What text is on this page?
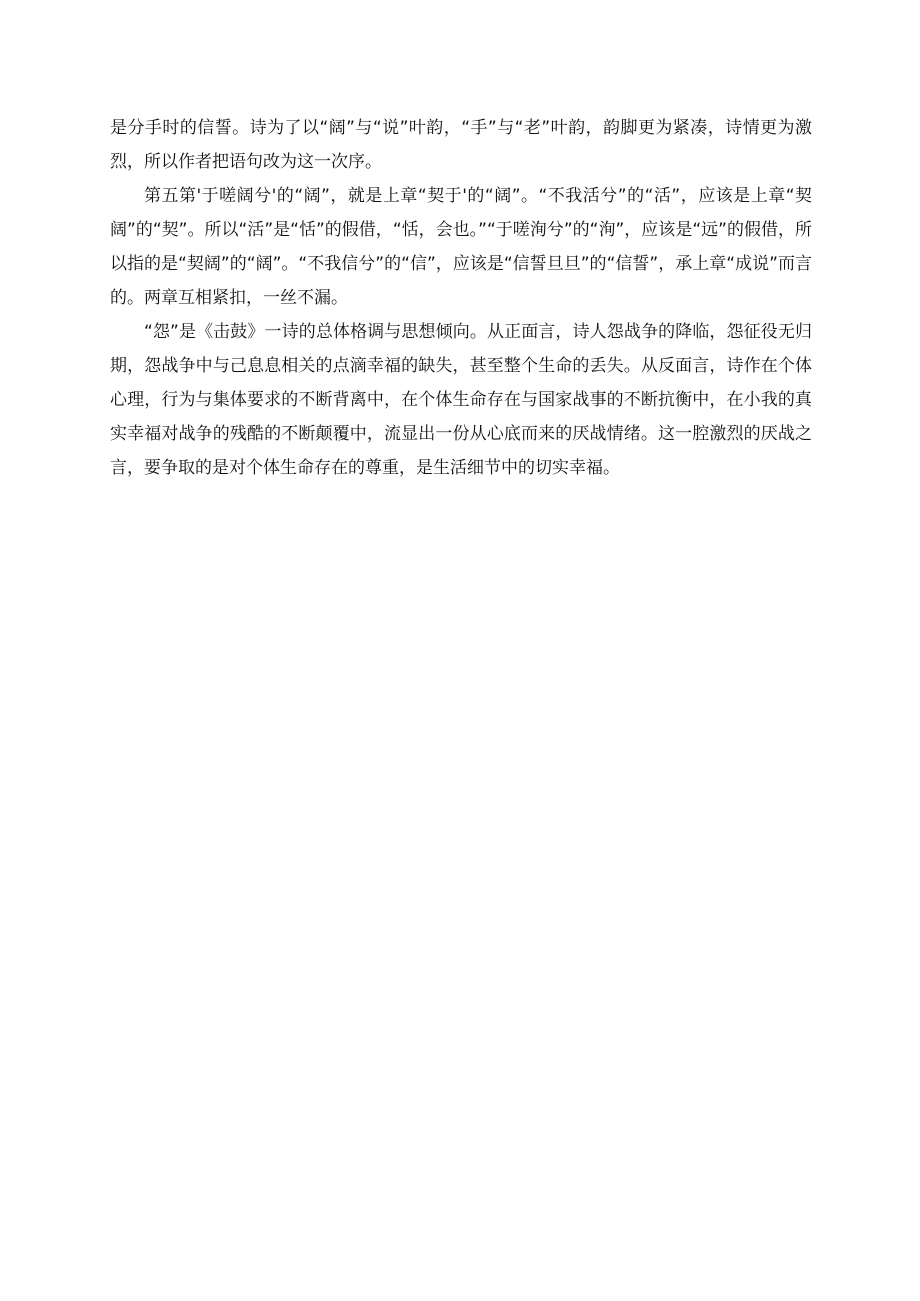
是分手时的信誓。诗为了以“阔”与“说”叶韵，“手”与“老”叶韵，韵脚更为紧凑，诗情更为激烈，所以作者把语句改为这一次序。

第五第'于嗟阔兮'的“阔”，就是上章“契于'的“阔”。“不我活兮”的“活”，应该是上章“契阔”的“契”。所以“活”是“恬”的假借，“恬，会也。”“于嗟洵兮”的“洵”，应该是“远”的假借，所以指的是“契阔”的“阔”。“不我信兮”的“信”，应该是“信誓旦旦”的“信誓”，承上章“成说”而言的。两章互相紧扣，一丝不漏。

“怨”是《击鼓》一诗的总体格调与思想倾向。从正面言，诗人怨战争的降临，怨征役无归期，怨战争中与己息息相关的点滴幸福的缺失，甚至整个生命的丢失。从反面言，诗作在个体心理，行为与集体要求的不断背离中，在个体生命存在与国家战事的不断抗衡中，在小我的真实幸福对战争的残酷的不断颠覆中，流显出一份从心底而来的厌战情绪。这一腔激烈的厌战之言，要争取的是对个体生命存在的尊重，是生活细节中的切实幸福。
